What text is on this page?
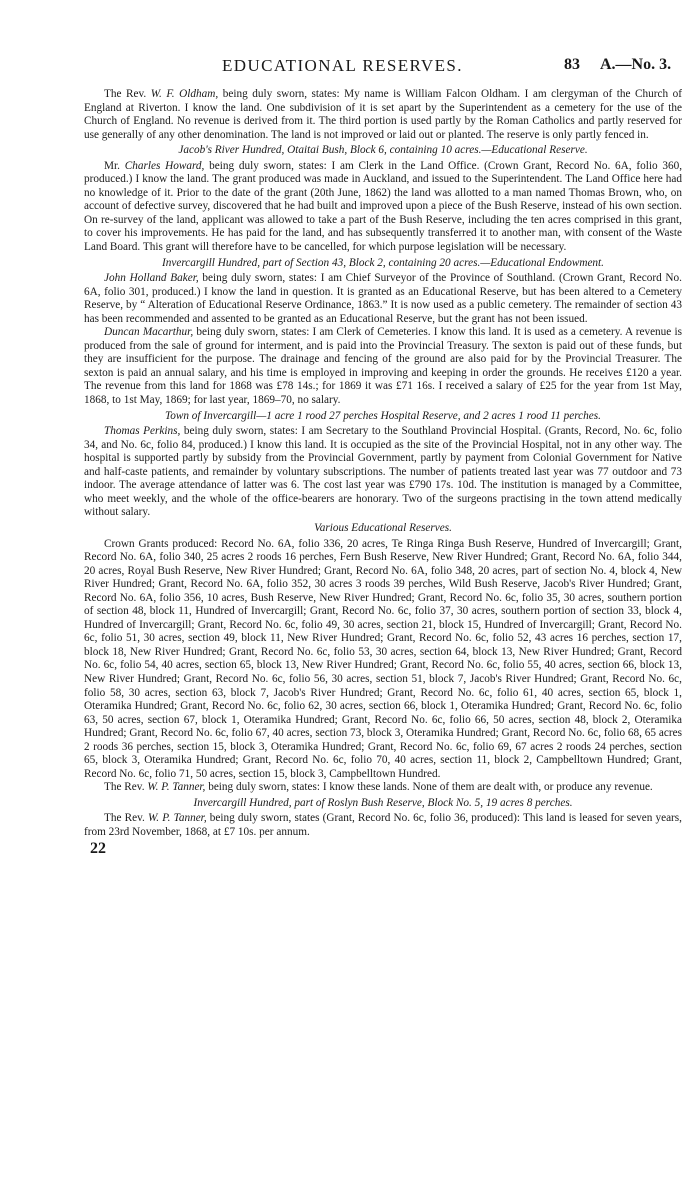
EDUCATIONAL RESERVES.	83 A.—No. 3.

The Rev. W. F. Oldham, being duly sworn, states: My name is William Falcon Oldham. I am clergyman of the Church of England at Riverton. I know the land. One subdivision of it is set apart by the Superintendent as a cemetery for the use of the Church of England. No revenue is derived from it. The third portion is used partly by the Roman Catholics and partly reserved for use generally of any other denomination. The land is not improved or laid out or planted. The reserve is only partly fenced in.

Jacob's River Hundred, Otaitai Bush, Block 6, containing 10 acres.—Educational Reserve.

Mr. Charles Howard, being duly sworn, states: I am Clerk in the Land Office. (Crown Grant, Record No. 6A, folio 360, produced.) I know the land. The grant produced was made in Auckland, and issued to the Superintendent. The Land Office here had no knowledge of it. Prior to the date of the grant (20th June, 1862) the land was allotted to a man named Thomas Brown, who, on account of defective survey, discovered that he had built and improved upon a piece of the Bush Reserve, instead of his own section. On re-survey of the land, applicant was allowed to take a part of the Bush Reserve, including the ten acres comprised in this grant, to cover his improvements. He has paid for the land, and has subsequently transferred it to another man, with consent of the Waste Land Board. This grant will therefore have to be cancelled, for which purpose legislation will be necessary.

Invercargill Hundred, part of Section 43, Block 2, containing 20 acres.—Educational Endowment.

John Holland Baker, being duly sworn, states: I am Chief Surveyor of the Province of Southland. (Crown Grant, Record No. 6A, folio 301, produced.) I know the land in question. It is granted as an Educational Reserve, but has been altered to a Cemetery Reserve, by “ Alteration of Educational Reserve Ordinance, 1863.” It is now used as a public cemetery. The remainder of section 43 has been recommended and assented to be granted as an Educational Reserve, but the grant has not been issued.

Duncan Macarthur, being duly sworn, states: I am Clerk of Cemeteries. I know this land. It is used as a cemetery. A revenue is produced from the sale of ground for interment, and is paid into the Provincial Treasury. The sexton is paid out of these funds, but they are insufficient for the purpose. The drainage and fencing of the ground are also paid for by the Provincial Treasurer. The sexton is paid an annual salary, and his time is employed in improving and keeping in order the grounds. He receives £120 a year. The revenue from this land for 1868 was £78 14s.; for 1869 it was £71 16s. I received a salary of £25 for the year from 1st May, 1868, to 1st May, 1869; for last year, 1869–70, no salary.

Town of Invercargill—1 acre 1 rood 27 perches Hospital Reserve, and 2 acres 1 rood 11 perches.

Thomas Perkins, being duly sworn, states: I am Secretary to the Southland Provincial Hospital. (Grants, Record, No. 6c, folio 34, and No. 6c, folio 84, produced.) I know this land. It is occupied as the site of the Provincial Hospital, not in any other way. The hospital is supported partly by subsidy from the Provincial Government, partly by payment from Colonial Government for Native and half-caste patients, and remainder by voluntary subscriptions. The number of patients treated last year was 77 outdoor and 73 indoor. The average attendance of latter was 6. The cost last year was £790 17s. 10d. The institution is managed by a Committee, who meet weekly, and the whole of the office-bearers are honorary. Two of the surgeons practising in the town attend medically without salary.

Various Educational Reserves.

Crown Grants produced: Record No. 6A, folio 336, 20 acres, Te Ringa Ringa Bush Reserve, Hundred of Invercargill; Grant, Record No. 6A, folio 340, 25 acres 2 roods 16 perches, Fern Bush Reserve, New River Hundred; Grant, Record No. 6A, folio 344, 20 acres, Royal Bush Reserve, New River Hundred; Grant, Record No. 6A, folio 348, 20 acres, part of section No. 4, block 4, New River Hundred; Grant, Record No. 6A, folio 352, 30 acres 3 roods 39 perches, Wild Bush Reserve, Jacob's River Hundred; Grant, Record No. 6A, folio 356, 10 acres, Bush Reserve, New River Hundred; Grant, Record No. 6c, folio 35, 30 acres, southern portion of section 48, block 11, Hundred of Invercargill; Grant, Record No. 6c, folio 37, 30 acres, southern portion of section 33, block 4, Hundred of Invercargill; Grant, Record No. 6c, folio 49, 30 acres, section 21, block 15, Hundred of Invercargill; Grant, Record No. 6c, folio 51, 30 acres, section 49, block 11, New River Hundred; Grant, Record No. 6c, folio 52, 43 acres 16 perches, section 17, block 18, New River Hundred; Grant, Record No. 6c, folio 53, 30 acres, section 64, block 13, New River Hundred; Grant, Record No. 6c, folio 54, 40 acres, section 65, block 13, New River Hundred; Grant, Record No. 6c, folio 55, 40 acres, section 66, block 13, New River Hundred; Grant, Record No. 6c, folio 56, 30 acres, section 51, block 7, Jacob's River Hundred; Grant, Record No. 6c, folio 58, 30 acres, section 63, block 7, Jacob's River Hundred; Grant, Record No. 6c, folio 61, 40 acres, section 65, block 1, Oteramika Hundred; Grant, Record No. 6c, folio 62, 30 acres, section 66, block 1, Oteramika Hundred; Grant, Record No. 6c, folio 63, 50 acres, section 67, block 1, Oteramika Hundred; Grant, Record No. 6c, folio 66, 50 acres, section 48, block 2, Oteramika Hundred; Grant, Record No. 6c, folio 67, 40 acres, section 73, block 3, Oteramika Hundred; Grant, Record No. 6c, folio 68, 65 acres 2 roods 36 perches, section 15, block 3, Oteramika Hundred; Grant, Record No. 6c, folio 69, 67 acres 2 roods 24 perches, section 65, block 3, Oteramika Hundred; Grant, Record No. 6c, folio 70, 40 acres, section 11, block 2, Campbelltown Hundred; Grant, Record No. 6c, folio 71, 50 acres, section 15, block 3, Campbelltown Hundred.

The Rev. W. P. Tanner, being duly sworn, states: I know these lands. None of them are dealt with, or produce any revenue.

Invercargill Hundred, part of Roslyn Bush Reserve, Block No. 5, 19 acres 8 perches.

The Rev. W. P. Tanner, being duly sworn, states (Grant, Record No. 6c, folio 36, produced): This land is leased for seven years, from 23rd November, 1868, at £7 10s. per annum.

22
